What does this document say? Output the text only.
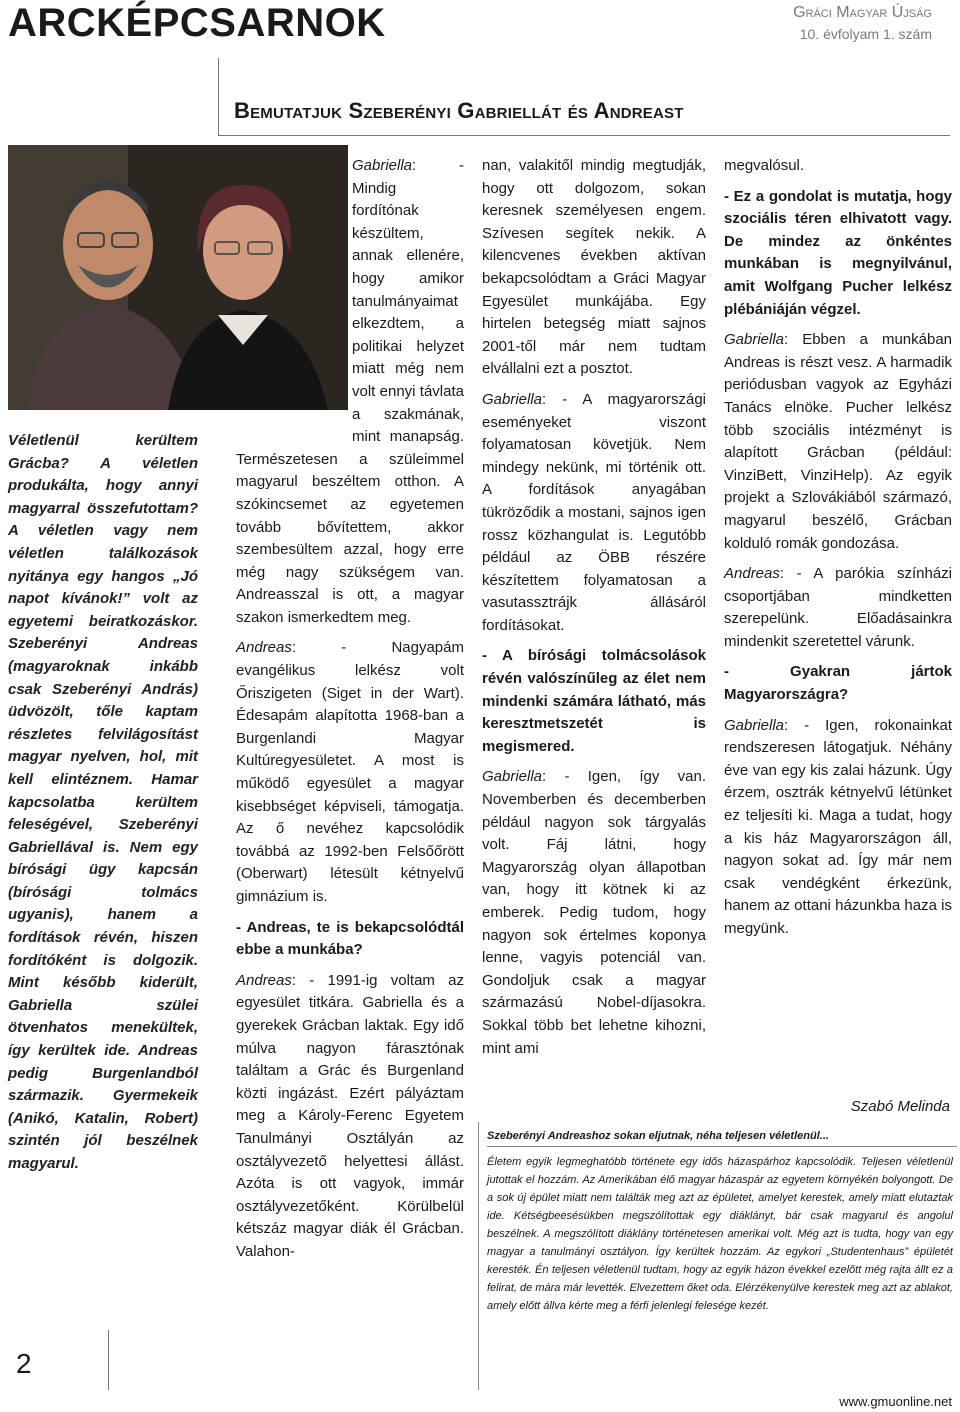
ARCKÉPCSARNOK	Gráci Magyar Újság

10. évfolyam 1. szám

Bemutatjuk Szeberényi Gabriellát és Andreast
Véletlenül kerültem Grácba? A véletlen produkálta, hogy annyi magyarral összefutottam? A véletlen vagy nem véletlen találkozások nyitánya egy hangos „Jó napot kívánok!” volt az egyetemi beiratkozáskor. Szeberényi Andreas (magyaroknak inkább csak Szeberényi András) üdvözölt, tőle kaptam részletes felvilágosítást magyar nyelven, hol, mit kell elintéznem. Hamar kapcsolatba kerültem feleségével, Szeberényi Gabriellával is. Nem egy bírósági ügy kapcsán (bírósági tolmács ugyanis), hanem a fordítások révén, hiszen fordítóként is dolgozik. Mint később kiderült, Gabriella szülei ötvenhatos menekültek, így kerültek ide. Andreas pedig Burgenlandból származik. Gyermekeik (Anikó, Katalin, Robert) szintén jól beszélnek magyarul.

Gabriella: - Mindig fordítónak készültem, annak ellenére, hogy amikor tanulmányaimat elkezdtem, a politikai helyzet miatt még nem volt ennyi távlata a szakmának, mint manapság. Természetesen a szüleimmel magyarul beszéltem otthon. A szókincsemet az egyetemen tovább bővítettem, akkor szembesültem azzal, hogy erre még nagy szükségem van. Andreasszal is ott, a magyar szakon ismerkedtem meg.

Andreas: - Nagyapám evangélikus lelkész volt Őriszigeten (Siget in der Wart). Édesapám alapította 1968-ban a Burgenlandi Magyar Kultúregyesületet. A most is működő egyesület a magyar kisebbséget képviseli, támogatja. Az ő nevéhez kapcsolódik továbbá az 1992-ben Felsőőrött (Oberwart) létesült kétnyelvű gimnázium is.

- Andreas, te is bekapcsolódtál ebbe a munkába?

Andreas: - 1991-ig voltam az egyesület titkára. Gabriella és a gyerekek Grácban laktak. Egy idő múlva nagyon fárasztónak találtam a Grác és Burgenland közti ingázást. Ezért pályáztam meg a Károly-Ferenc Egyetem Tanulmányi Osztályán az osztályvezető helyettesi állást. Azóta is ott vagyok, immár osztályvezetőként. Körülbelül kétszáz magyar diák él Grácban. Valahon-

nan, valakitől mindig megtudják, hogy ott dolgozom, sokan keresnek személyesen engem. Szívesen segítek nekik. A kilencvenes években aktívan bekapcsolódtam a Gráci Magyar Egyesület munkájába. Egy hirtelen betegség miatt sajnos 2001-től már nem tudtam elvállalni ezt a posztot.

Gabriella: - A magyarországi eseményeket viszont folyamatosan követjük. Nem mindegy nekünk, mi történik ott. A fordítások anyagában tükröződik a mostani, sajnos igen rossz közhangulat is. Legutóbb például az ÖBB részére készítettem folyamatosan a vasutassztrájk állásáról fordításokat.

- A bírósági tolmácsolások révén valószínűleg az élet nem mindenki számára látható, más keresztmetszetét is megismered.

Gabriella: - Igen, így van. Novemberben és decemberben például nagyon sok tárgyalás volt. Fáj látni, hogy Magyarország olyan állapotban van, hogy itt kötnek ki az emberek. Pedig tudom, hogy nagyon sok értelmes koponya lenne, vagyis potenciál van. Gondoljuk csak a magyar származású Nobel-díjasokra. Sokkal több bet lehetne kihozni, mint ami

megvalósul.

- Ez a gondolat is mutatja, hogy szociális téren elhivatott vagy. De mindez az önkéntes munkában is megnyilvánul, amit Wolfgang Pucher lelkész plébániáján végzel.

Gabriella: Ebben a munkában Andreas is részt vesz. A harmadik periódusban vagyok az Egyházi Tanács elnöke. Pucher lelkész több szociális intézményt is alapított Grácban (például: VinziBett, VinziHelp). Az egyik projekt a Szlovákiából származó, magyarul beszélő, Grácban kolduló romák gondozása.

Andreas: - A parókia színházi csoportjában mindketten szerepelünk. Előadásainkra mindenkit szeretettel várunk.

- Gyakran jártok Magyarországra?

Gabriella: - Igen, rokonainkat rendszeresen látogatjuk. Néhány éve van egy kis zalai házunk. Úgy érzem, osztrák kétnyelvű létünket ez teljesíti ki. Maga a tudat, hogy a kis ház Magyarországon áll, nagyon sokat ad. Így már nem csak vendégként érkezünk, hanem az ottani házunkba haza is megyünk.

Szabó Melinda

Szeberényi Andreashoz sokan eljutnak, néha teljesen véletlenül...

Életem egyik legmeghatóbb története egy idős házaspárhoz kapcsolódik. Teljesen véletlenül jutottak el hozzám. Az Amerikában élő magyar házaspár az egyetem környékén bolyongott. De a sok új épület miatt nem találták meg azt az épületet, amelyet kerestek, amely miatt elutaztak ide. Kétségbeesésükben megszólítottak egy diáklányt, bár csak magyarul és angolul beszélnek. A megszólított diáklány történetesen amerikai volt. Még azt is tudta, hogy van egy magyar a tanulmányi osztályon. Így kerültek hozzám. Az egykori „Studentenhaus” épületét keresték. Én teljesen véletlenül tudtam, hogy az egyik házon évekkel ezelőtt még rajta állt ez a felirat, de mára már levették. Elvezettem őket oda. Elérzékenyülve kerestek meg azt az ablakot, amely előtt állva kérte meg a férfi jelenlegi felesége kezét.

2

www.gmuonline.net
